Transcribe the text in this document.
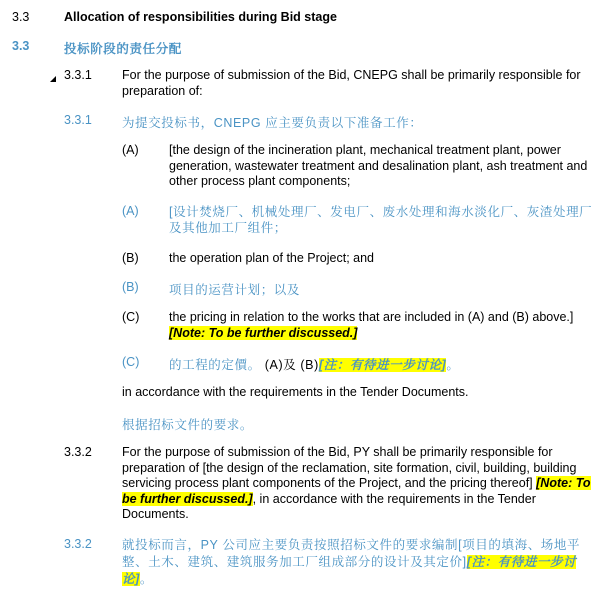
3.3	Allocation of responsibilities during Bid stage
3.3	投标阶段的责任分配
3.3.1 For the purpose of submission of the Bid, CNEPG shall be primarily responsible for preparation of:
3.3.1 为提交投标书，CNEPG 应主要负责以下准备工作：
(A) [the design of the incineration plant, mechanical treatment plant, power generation, wastewater treatment and desalination plant, ash treatment and other process plant components;
(A) [设计焚烧厂、机械处理厂、发电厂、废水处理和海水淡化厂、灰渣处理厂及其他加工厂组件；
(B) the operation plan of the Project; and
(B) 项目的运营计划；以及
(C) the pricing in relation to the works that are included in (A) and (B) above.][Note: To be further discussed.]
(C) 的工程的定價。 (A)及 (B)[注：有待进一步讨论]。
in accordance with the requirements in the Tender Documents.
根据招标文件的要求。
3.3.2 For the purpose of submission of the Bid, PY shall be primarily responsible for preparation of [the design of the reclamation, site formation, civil, building, building servicing process plant components of the Project, and the pricing thereof] [Note: To be further discussed.], in accordance with the requirements in the Tender Documents.
3.3.2 就投标而言，PY 公司应主要负责按照招标文件的要求编制[项目的填海、场地平整、土木、建筑、建筑服务加工厂组成部分的设计及其定价][注：有待进一步讨论]。
